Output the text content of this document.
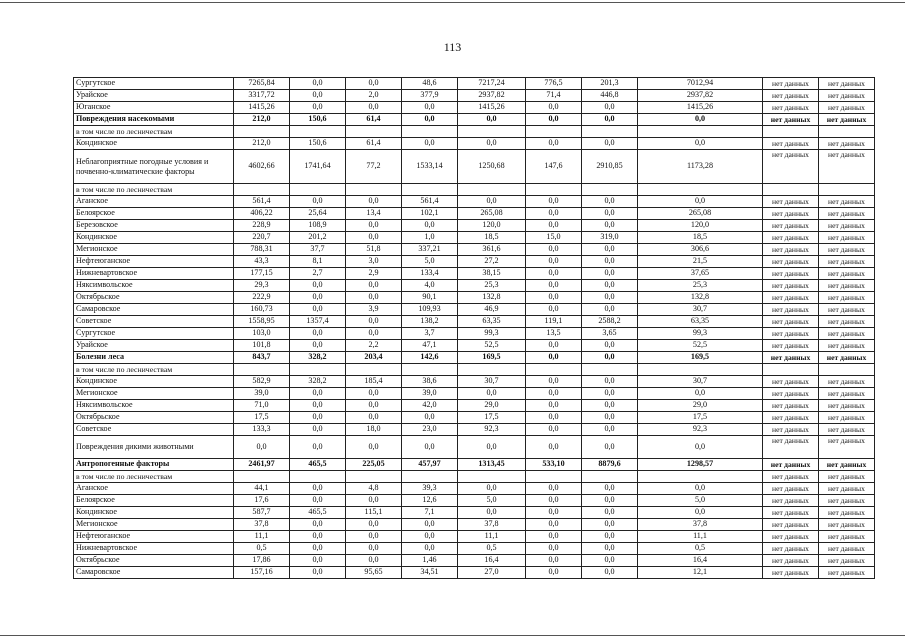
113
Сургутское	7265,84	0,0	0,0	48,6	7217,24	776,5	201,3	7012,94	нет данных	нет данных
Урайское	3317,72	0,0	2,0	377,9	2937,82	71,4	446,8	2937,82	нет данных	нет данных
Юганское	1415,26	0,0	0,0	0,0	1415,26	0,0	0,0	1415,26	нет данных	нет данных
Повреждения насекомыми	212,0	150,6	61,4	0,0	0,0	0,0	0,0	0,0	нет данных	нет данных
в том числе по лесничествам										
Кондинское	212,0	150,6	61,4	0,0	0,0	0,0	0,0	0,0	нет данных	нет данных
Неблагоприятные погодные условия и почвенно-климатические факторы	4602,66	1741,64	77,2	1533,14	1250,68	147,6	2910,85	1173,28	нет данных	нет данных
в том числе по лесничествам										
Аганское	561,4	0,0	0,0	561,4	0,0	0,0	0,0	0,0	нет данных	нет данных
Белоярское	406,22	25,64	13,4	102,1	265,08	0,0	0,0	265,08	нет данных	нет данных
Березовское	228,9	108,9	0,0	0,0	120,0	0,0	0,0	120,0	нет данных	нет данных
Кондинское	220,7	201,2	0,0	1,0	18,5	15,0	319,0	18,5	нет данных	нет данных
Мегионское	788,31	37,7	51,8	337,21	361,6	0,0	0,0	306,6	нет данных	нет данных
Нефтеюганское	43,3	8,1	3,0	5,0	27,2	0,0	0,0	21,5	нет данных	нет данных
Нижневартовское	177,15	2,7	2,9	133,4	38,15	0,0	0,0	37,65	нет данных	нет данных
Няксимвольское	29,3	0,0	0,0	4,0	25,3	0,0	0,0	25,3	нет данных	нет данных
Октябрьское	222,9	0,0	0,0	90,1	132,8	0,0	0,0	132,8	нет данных	нет данных
Самаровское	160,73	0,0	3,9	109,93	46,9	0,0	0,0	30,7	нет данных	нет данных
Советское	1558,95	1357,4	0,0	138,2	63,35	119,1	2588,2	63,35	нет данных	нет данных
Сургутское	103,0	0,0	0,0	3,7	99,3	13,5	3,65	99,3	нет данных	нет данных
Урайское	101,8	0,0	2,2	47,1	52,5	0,0	0,0	52,5	нет данных	нет данных
Болезни леса	843,7	328,2	203,4	142,6	169,5	0,0	0,0	169,5	нет данных	нет данных
в том числе по лесничествам										
Кондинское	582,9	328,2	185,4	38,6	30,7	0,0	0,0	30,7	нет данных	нет данных
Мегионское	39,0	0,0	0,0	39,0	0,0	0,0	0,0	0,0	нет данных	нет данных
Няксимвольское	71,0	0,0	0,0	42,0	29,0	0,0	0,0	29,0	нет данных	нет данных
Октябрьское	17,5	0,0	0,0	0,0	17,5	0,0	0,0	17,5	нет данных	нет данных
Советское	133,3	0,0	18,0	23,0	92,3	0,0	0,0	92,3	нет данных	нет данных
Повреждения дикими животными	0,0	0,0	0,0	0,0	0,0	0,0	0,0	0,0	нет данных	нет данных
Антропогенные факторы	2461,97	465,5	225,05	457,97	1313,45	533,10	8879,6	1298,57	нет данных	нет данных
в том числе по лесничествам									нет данных	нет данных
Аганское	44,1	0,0	4,8	39,3	0,0	0,0	0,0	0,0	нет данных	нет данных
Белоярское	17,6	0,0	0,0	12,6	5,0	0,0	0,0	5,0	нет данных	нет данных
Кондинское	587,7	465,5	115,1	7,1	0,0	0,0	0,0	0,0	нет данных	нет данных
Мегионское	37,8	0,0	0,0	0,0	37,8	0,0	0,0	37,8	нет данных	нет данных
Нефтеюганское	11,1	0,0	0,0	0,0	11,1	0,0	0,0	11,1	нет данных	нет данных
Нижневартовское	0,5	0,0	0,0	0,0	0,5	0,0	0,0	0,5	нет данных	нет данных
Октябрьское	17,86	0,0	0,0	1,46	16,4	0,0	0,0	16,4	нет данных	нет данных
Самаровское	157,16	0,0	95,65	34,51	27,0	0,0	0,0	12,1	нет данных	нет данных
